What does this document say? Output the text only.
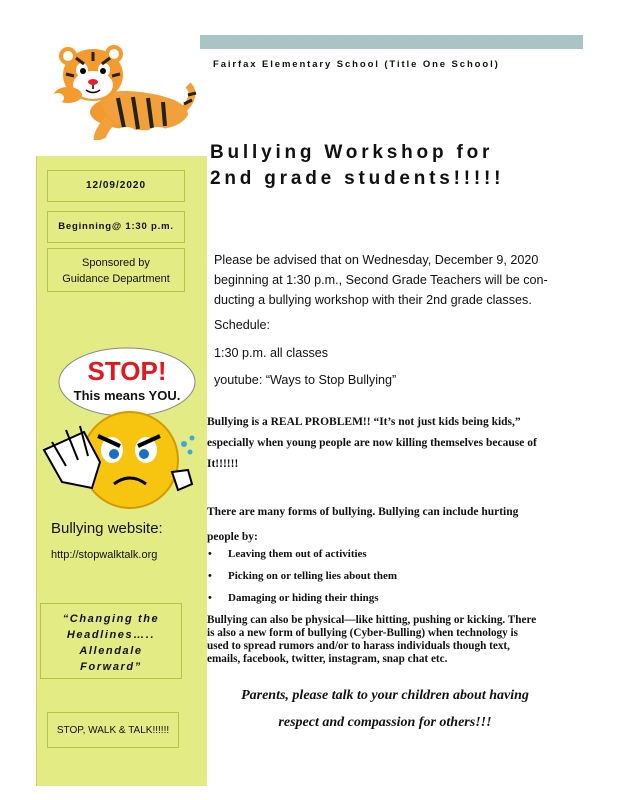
Fairfax Elementary School (Title One School)
12/09/2020
Beginning@ 1:30 p.m.
Sponsored by
Guidance Department
STOP!
This means YOU.
Bullying website:
http://stopwalktalk.org
“Changing the
Headlines…..
Allendale
Forward”
STOP, WALK & TALK!!!!!!
Bullying Workshop for
2nd grade students!!!!!
Please be advised that on Wednesday, December 9, 2020
beginning at 1:30 p.m., Second Grade Teachers will be con-
ducting a bullying workshop with their 2nd grade classes.
Schedule:
1:30 p.m. all classes
youtube: “Ways to Stop Bullying”
Bullying is a REAL PROBLEM!! “It’s not just kids being kids,”
especially when young people are now killing themselves because of
It!!!!!!
There are many forms of bullying. Bullying can include hurting
people by:
• Leaving them out of activities
• Picking on or telling lies about them
• Damaging or hiding their things
Bullying can also be physical—like hitting, pushing or kicking. There
is also a new form of bullying (Cyber-Bulling) when technology is
used to spread rumors and/or to harass individuals though text,
emails, facebook, twitter, instagram, snap chat etc.
Parents, please talk to your children about having
respect and compassion for others!!!
